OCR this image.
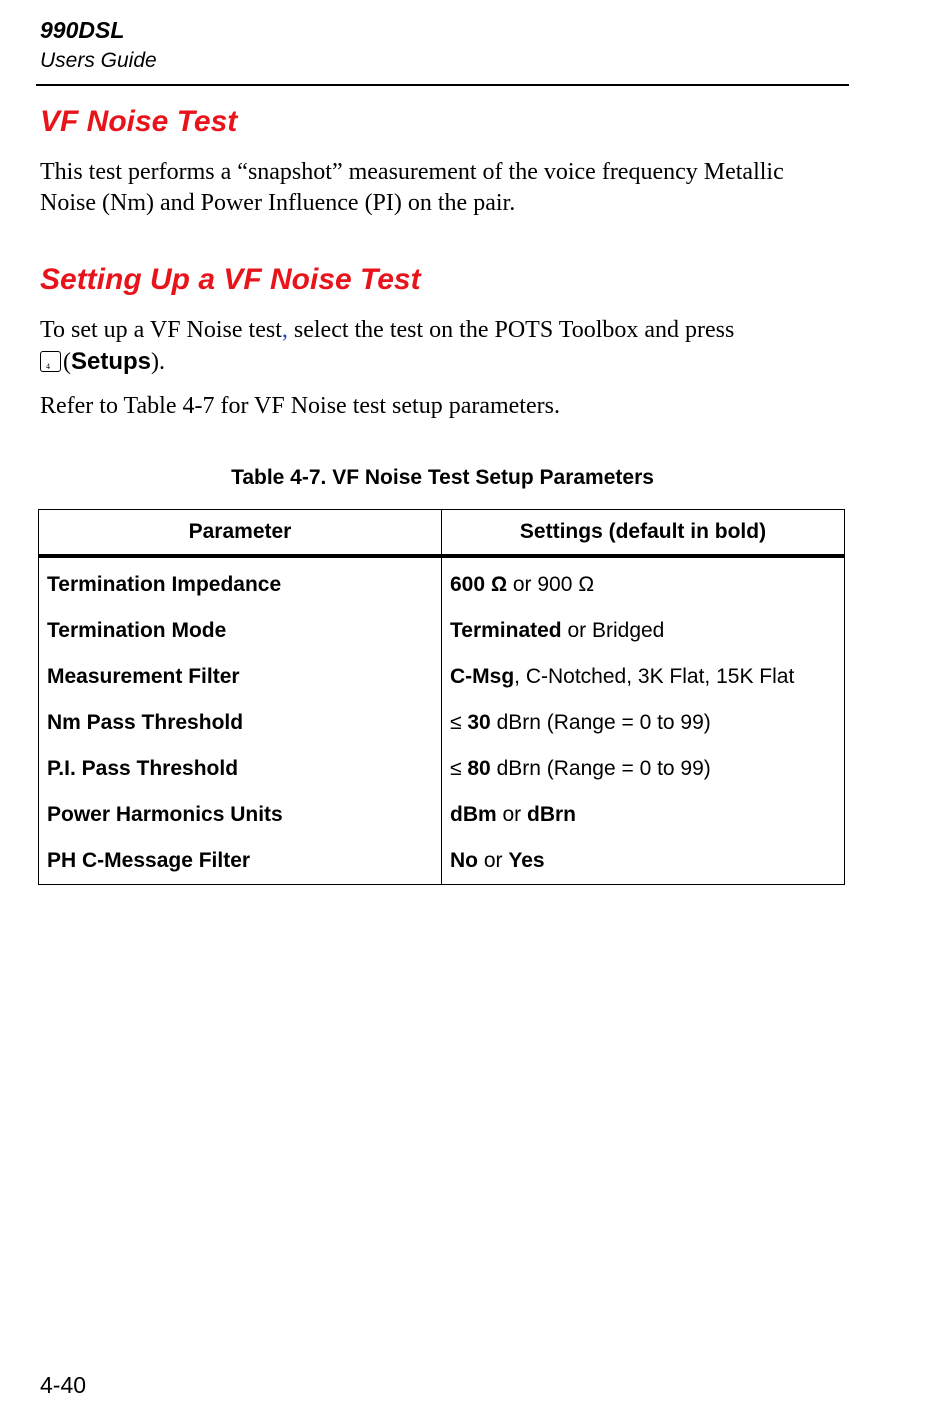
990DSL
Users Guide
VF Noise Test

This test performs a “snapshot” measurement of the voice frequency Metallic Noise (Nm) and Power Influence (PI) on the pair.

Setting Up a VF Noise Test

To set up a VF Noise test, select the test on the POTS Toolbox and press

4 (Setups).

Refer to Table 4-7 for VF Noise test setup parameters.

Table 4-7. VF Noise Test Setup Parameters
Parameter	Settings (default in bold)
Termination Impedance	600 Ω or 900 Ω
Termination Mode	Terminated or Bridged
Measurement Filter	C-Msg, C-Notched, 3K Flat, 15K Flat
Nm Pass Threshold	≤ 30 dBrn (Range = 0 to 99)
P.I. Pass Threshold	≤ 80 dBrn (Range = 0 to 99)
Power Harmonics Units	dBm or dBrn
PH C-Message Filter	No or Yes
4-40
